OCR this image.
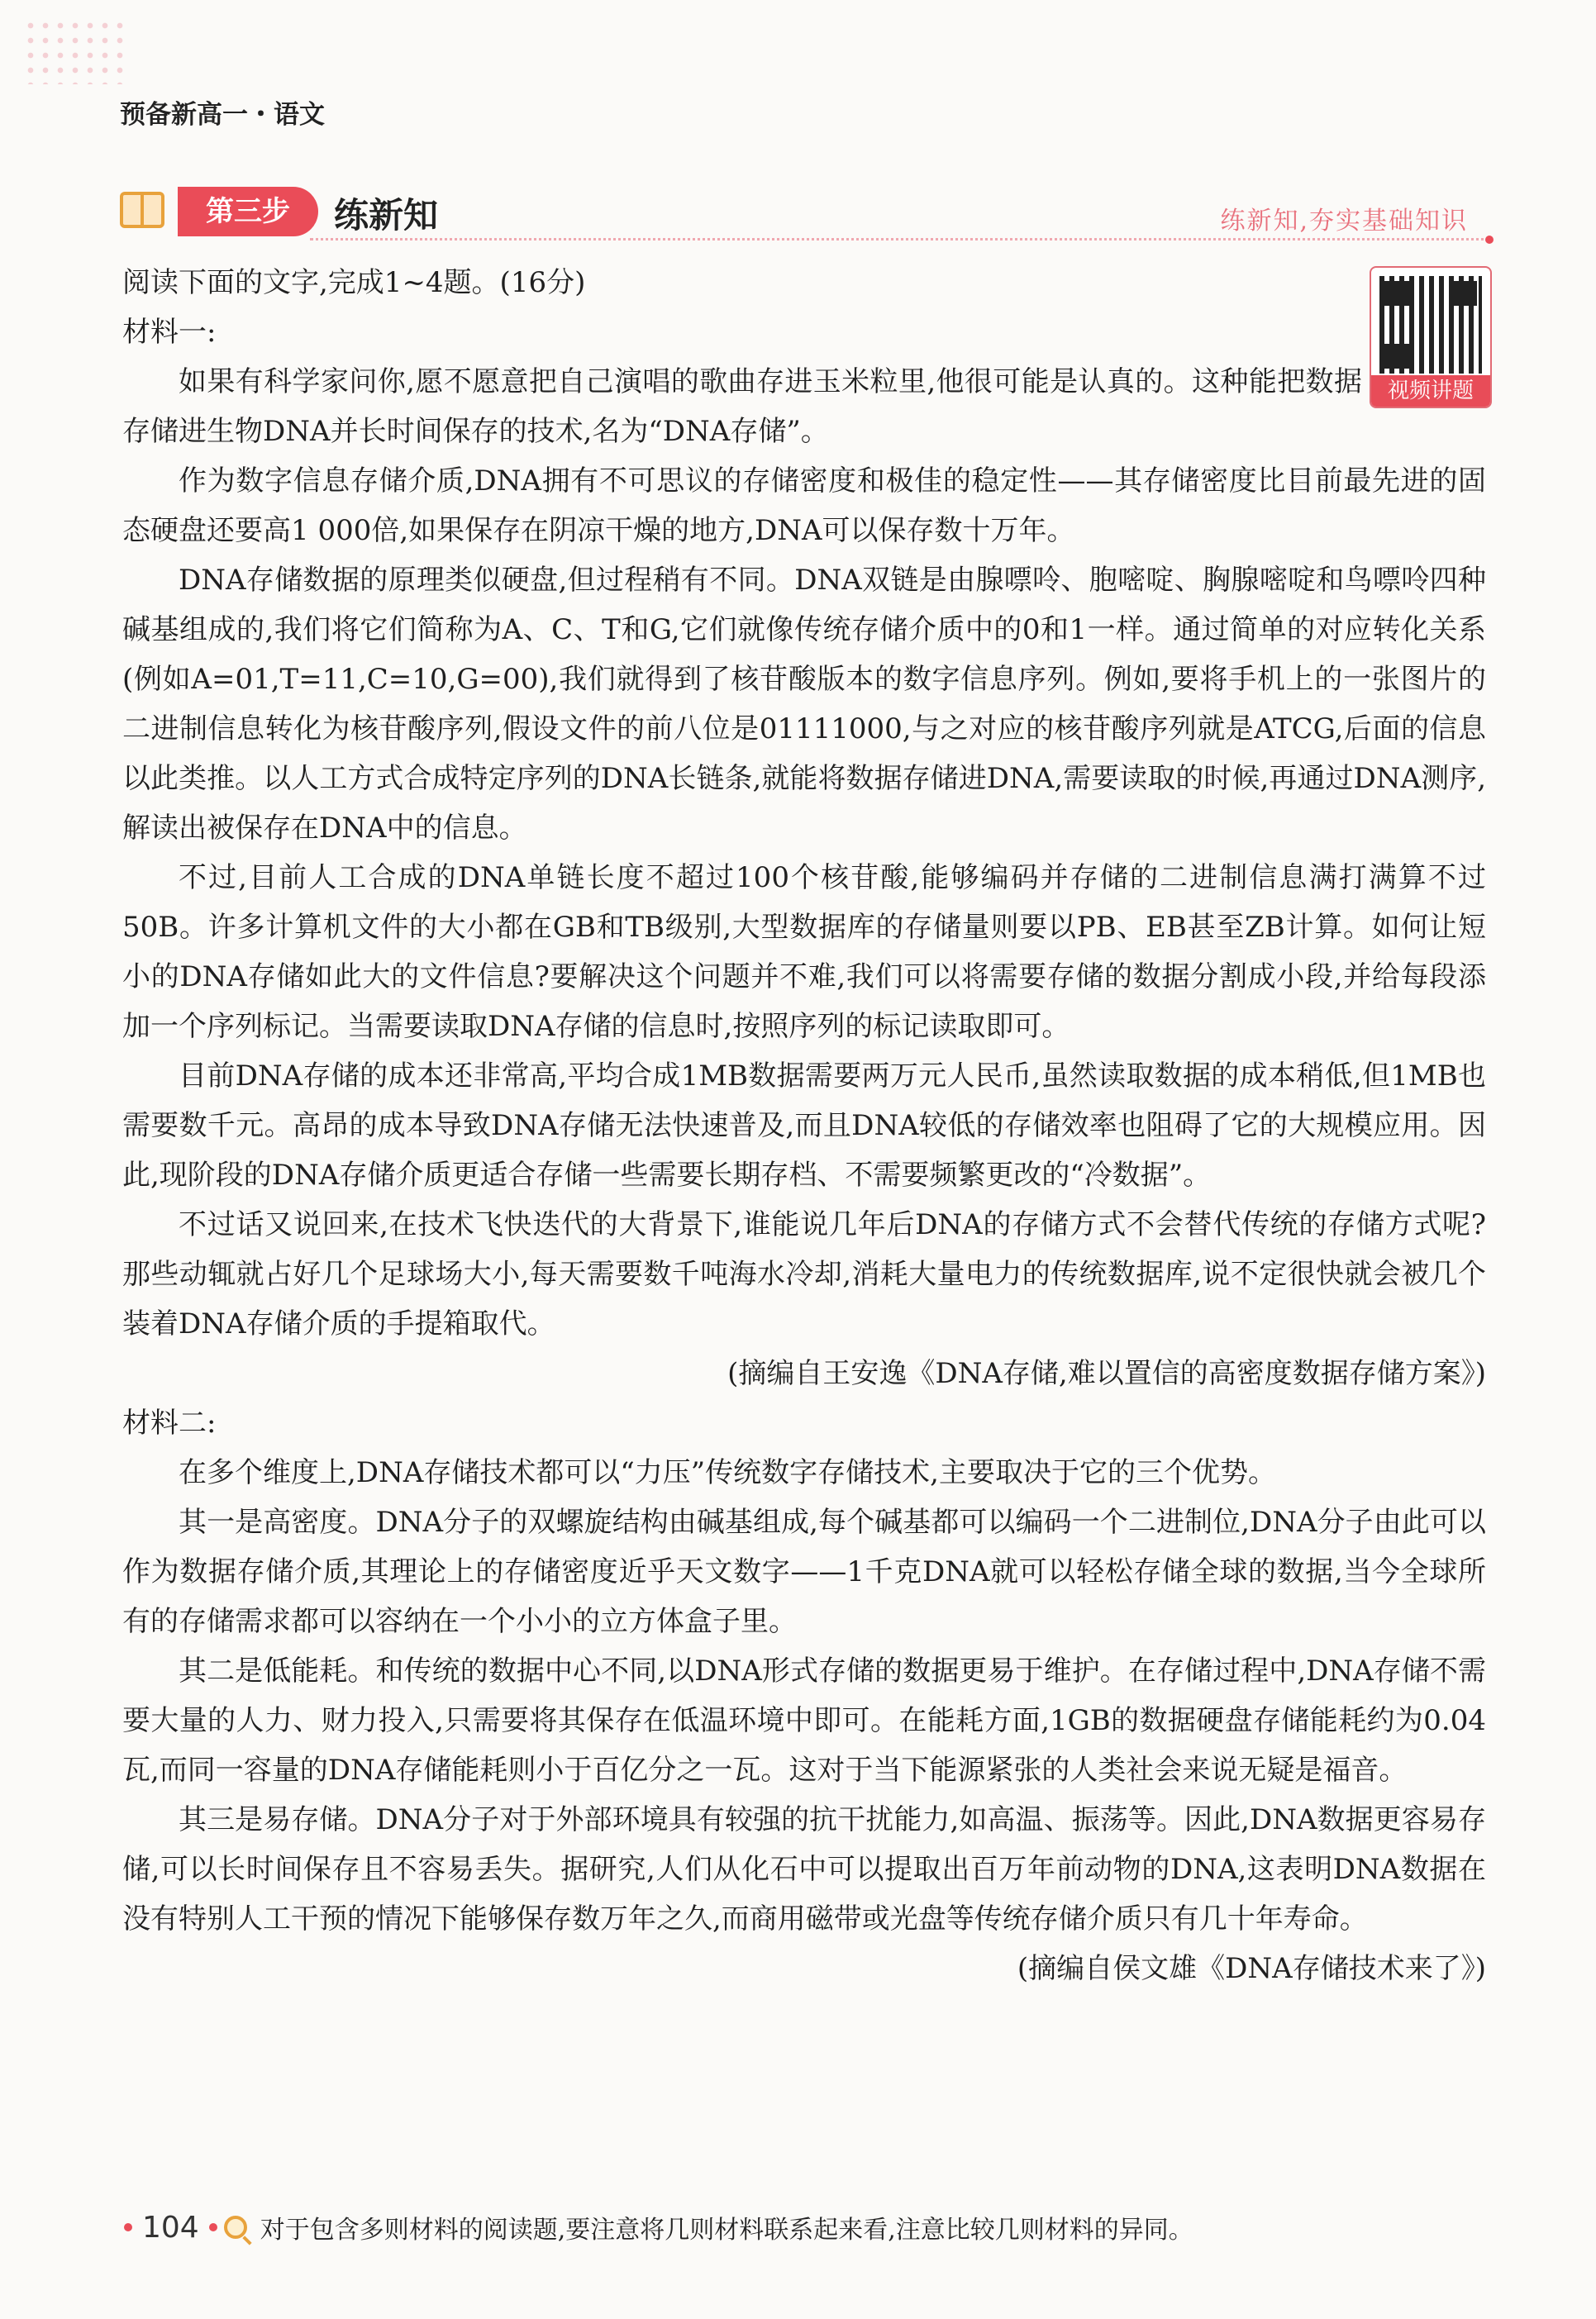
预备新高一・语文
第三步	练新知	练新知,夯实基础知识
视频讲题

阅读下面的文字,完成1~4题。(16分)

材料一:

如果有科学家问你,愿不愿意把自己演唱的歌曲存进玉米粒里,他很可能是认真的。这种能把数据存储进生物DNA并长时间保存的技术,名为“DNA存储”。

作为数字信息存储介质,DNA拥有不可思议的存储密度和极佳的稳定性——其存储密度比目前最先进的固态硬盘还要高1 000倍,如果保存在阴凉干燥的地方,DNA可以保存数十万年。

DNA存储数据的原理类似硬盘,但过程稍有不同。DNA双链是由腺嘌呤、胞嘧啶、胸腺嘧啶和鸟嘌呤四种碱基组成的,我们将它们简称为A、C、T和G,它们就像传统存储介质中的0和1一样。通过简单的对应转化关系(例如A=01,T=11,C=10,G=00),我们就得到了核苷酸版本的数字信息序列。例如,要将手机上的一张图片的二进制信息转化为核苷酸序列,假设文件的前八位是01111000,与之对应的核苷酸序列就是ATCG,后面的信息以此类推。以人工方式合成特定序列的DNA长链条,就能将数据存储进DNA,需要读取的时候,再通过DNA测序,解读出被保存在DNA中的信息。

不过,目前人工合成的DNA单链长度不超过100个核苷酸,能够编码并存储的二进制信息满打满算不过50B。许多计算机文件的大小都在GB和TB级别,大型数据库的存储量则要以PB、EB甚至ZB计算。如何让短小的DNA存储如此大的文件信息?要解决这个问题并不难,我们可以将需要存储的数据分割成小段,并给每段添加一个序列标记。当需要读取DNA存储的信息时,按照序列的标记读取即可。

目前DNA存储的成本还非常高,平均合成1MB数据需要两万元人民币,虽然读取数据的成本稍低,但1MB也需要数千元。高昂的成本导致DNA存储无法快速普及,而且DNA较低的存储效率也阻碍了它的大规模应用。因此,现阶段的DNA存储介质更适合存储一些需要长期存档、不需要频繁更改的“冷数据”。

不过话又说回来,在技术飞快迭代的大背景下,谁能说几年后DNA的存储方式不会替代传统的存储方式呢?那些动辄就占好几个足球场大小,每天需要数千吨海水冷却,消耗大量电力的传统数据库,说不定很快就会被几个装着DNA存储介质的手提箱取代。

(摘编自王安逸《DNA存储,难以置信的高密度数据存储方案》)

材料二:

在多个维度上,DNA存储技术都可以“力压”传统数字存储技术,主要取决于它的三个优势。

其一是高密度。DNA分子的双螺旋结构由碱基组成,每个碱基都可以编码一个二进制位,DNA分子由此可以作为数据存储介质,其理论上的存储密度近乎天文数字——1千克DNA就可以轻松存储全球的数据,当今全球所有的存储需求都可以容纳在一个小小的立方体盒子里。

其二是低能耗。和传统的数据中心不同,以DNA形式存储的数据更易于维护。在存储过程中,DNA存储不需要大量的人力、财力投入,只需要将其保存在低温环境中即可。在能耗方面,1GB的数据硬盘存储能耗约为0.04瓦,而同一容量的DNA存储能耗则小于百亿分之一瓦。这对于当下能源紧张的人类社会来说无疑是福音。

其三是易存储。DNA分子对于外部环境具有较强的抗干扰能力,如高温、振荡等。因此,DNA数据更容易存储,可以长时间保存且不容易丢失。据研究,人们从化石中可以提取出百万年前动物的DNA,这表明DNA数据在没有特别人工干预的情况下能够保存数万年之久,而商用磁带或光盘等传统存储介质只有几十年寿命。

(摘编自侯文雄《DNA存储技术来了》)

104 对于包含多则材料的阅读题,要注意将几则材料联系起来看,注意比较几则材料的异同。
